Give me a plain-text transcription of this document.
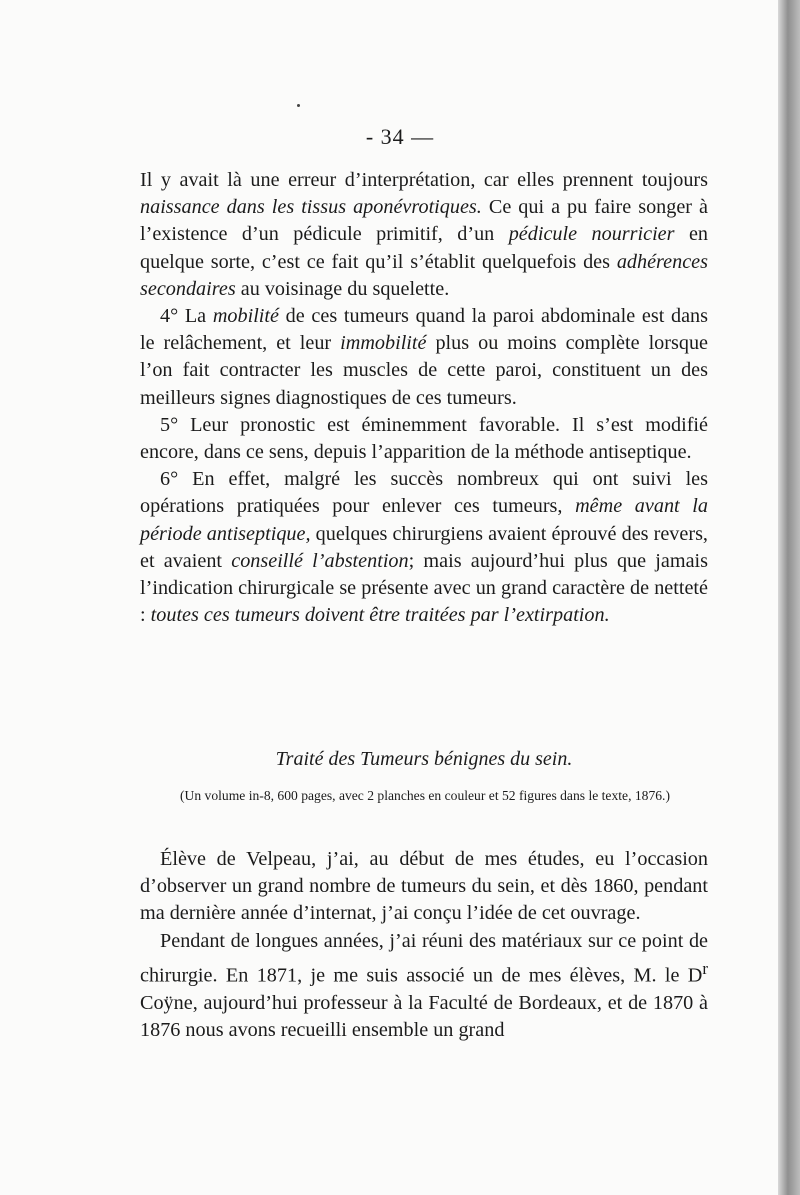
- 34 —

Il y avait là une erreur d’interprétation, car elles prennent toujours naissance dans les tissus aponévrotiques. Ce qui a pu faire songer à l’existence d’un pédicule primitif, d’un pédicule nourricier en quelque sorte, c’est ce fait qu’il s’établit quelquefois des adhérences secondaires au voisinage du squelette.

4° La mobilité de ces tumeurs quand la paroi abdominale est dans le relâchement, et leur immobilité plus ou moins complète lorsque l’on fait contracter les muscles de cette paroi, constituent un des meilleurs signes diagnostiques de ces tumeurs.

5° Leur pronostic est éminemment favorable. Il s’est modifié encore, dans ce sens, depuis l’apparition de la méthode antiseptique.

6° En effet, malgré les succès nombreux qui ont suivi les opérations pratiquées pour enlever ces tumeurs, même avant la période antiseptique, quelques chirurgiens avaient éprouvé des revers, et avaient conseillé l’abstention; mais aujourd’hui plus que jamais l’indication chirurgicale se présente avec un grand caractère de netteté : toutes ces tumeurs doivent être traitées par l’extirpation.

Traité des Tumeurs bénignes du sein.
(Un volume in-8, 600 pages, avec 2 planches en couleur et 52 figures dans le texte, 1876.)

Élève de Velpeau, j’ai, au début de mes études, eu l’occasion d’observer un grand nombre de tumeurs du sein, et dès 1860, pendant ma dernière année d’internat, j’ai conçu l’idée de cet ouvrage.

Pendant de longues années, j’ai réuni des matériaux sur ce point de chirurgie. En 1871, je me suis associé un de mes élèves, M. le $D^r$ Coÿne, aujourd’hui professeur à la Faculté de Bordeaux, et de 1870 à 1876 nous avons recueilli ensemble un grand
